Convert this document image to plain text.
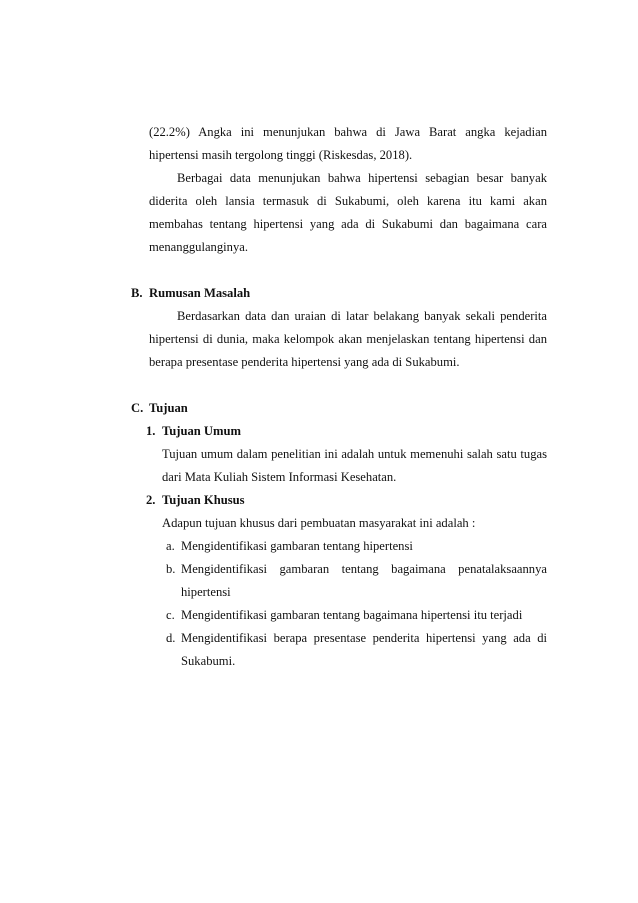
(22.2%) Angka ini menunjukan bahwa di Jawa Barat angka kejadian
hipertensi masih tergolong tinggi (Riskesdas, 2018).
Berbagai data menunjukan bahwa hipertensi sebagian besar banyak
diderita oleh lansia termasuk di Sukabumi, oleh karena itu kami akan
membahas tentang hipertensi yang ada di Sukabumi dan bagaimana cara
menanggulanginya.
B. Rumusan Masalah
Berdasarkan data dan uraian di latar belakang banyak sekali penderita
hipertensi di dunia, maka kelompok akan menjelaskan tentang hipertensi dan
berapa presentase penderita hipertensi yang ada di Sukabumi.
C. Tujuan
1. Tujuan Umum
Tujuan umum dalam penelitian ini adalah untuk memenuhi salah satu tugas
dari Mata Kuliah Sistem Informasi Kesehatan.
2. Tujuan Khusus
Adapun tujuan khusus dari pembuatan masyarakat ini adalah :
a. Mengidentifikasi gambaran tentang hipertensi
b. Mengidentifikasi gambaran tentang bagaimana penatalaksaannya
hipertensi
c. Mengidentifikasi gambaran tentang bagaimana hipertensi itu terjadi
d. Mengidentifikasi berapa presentase penderita hipertensi yang ada di
Sukabumi.
